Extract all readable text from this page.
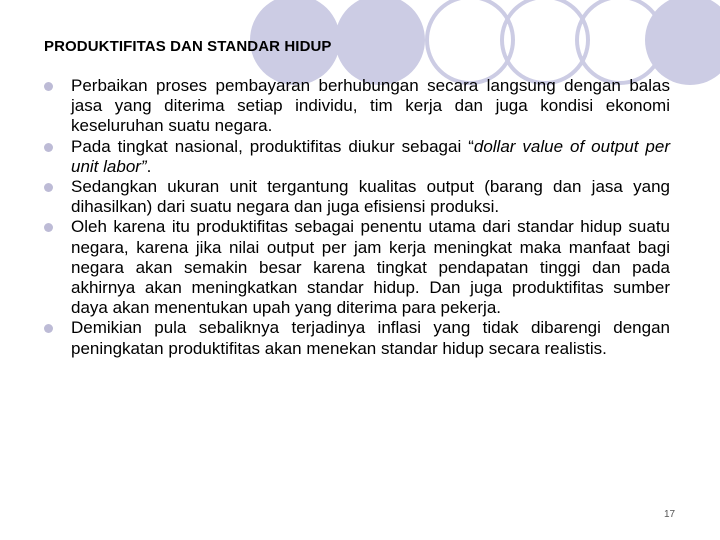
PRODUKTIFITAS DAN STANDAR HIDUP
Perbaikan proses pembayaran berhubungan secara langsung dengan balas jasa yang diterima setiap individu, tim kerja dan juga kondisi ekonomi keseluruhan suatu negara.
Pada tingkat nasional, produktifitas diukur sebagai “dollar value of output per unit labor”.
Sedangkan ukuran unit tergantung kualitas output (barang dan jasa yang dihasilkan) dari suatu negara dan juga efisiensi produksi.
Oleh karena itu produktifitas sebagai penentu utama dari standar hidup suatu negara, karena jika nilai output per jam kerja meningkat maka manfaat bagi negara akan semakin besar karena tingkat pendapatan tinggi dan pada akhirnya akan meningkatkan standar hidup. Dan juga produktifitas sumber daya akan menentukan upah yang diterima para pekerja.
Demikian pula sebaliknya terjadinya inflasi yang tidak dibarengi dengan peningkatan produktifitas akan menekan standar hidup secara realistis.
17
